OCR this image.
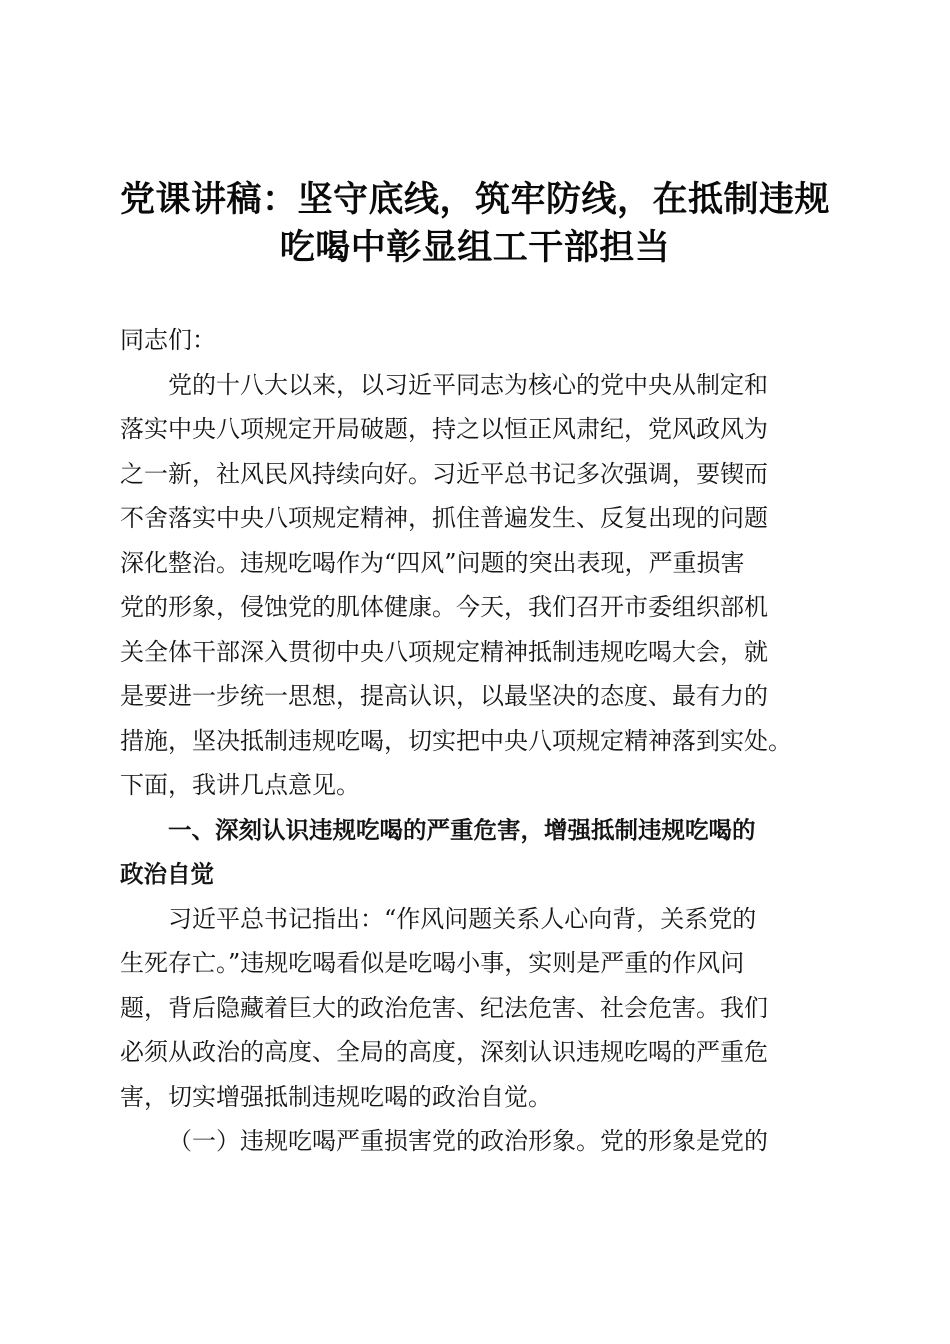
党课讲稿：坚守底线，筑牢防线，在抵制违规
吃喝中彰显组工干部担当

同志们：

党的十八大以来，以习近平同志为核心的党中央从制定和
落实中央八项规定开局破题，持之以恒正风肃纪，党风政风为
之一新，社风民风持续向好。习近平总书记多次强调，要锲而
不舍落实中央八项规定精神，抓住普遍发生、反复出现的问题
深化整治。违规吃喝作为“四风”问题的突出表现，严重损害
党的形象，侵蚀党的肌体健康。今天，我们召开市委组织部机
关全体干部深入贯彻中央八项规定精神抵制违规吃喝大会，就
是要进一步统一思想，提高认识，以最坚决的态度、最有力的
措施，坚决抵制违规吃喝，切实把中央八项规定精神落到实处。
下面，我讲几点意见。

一、深刻认识违规吃喝的严重危害，增强抵制违规吃喝的
政治自觉

习近平总书记指出：“作风问题关系人心向背，关系党的
生死存亡。”违规吃喝看似是吃喝小事，实则是严重的作风问
题，背后隐藏着巨大的政治危害、纪法危害、社会危害。我们
必须从政治的高度、全局的高度，深刻认识违规吃喝的严重危
害，切实增强抵制违规吃喝的政治自觉。

（一）违规吃喝严重损害党的政治形象。党的形象是党的
